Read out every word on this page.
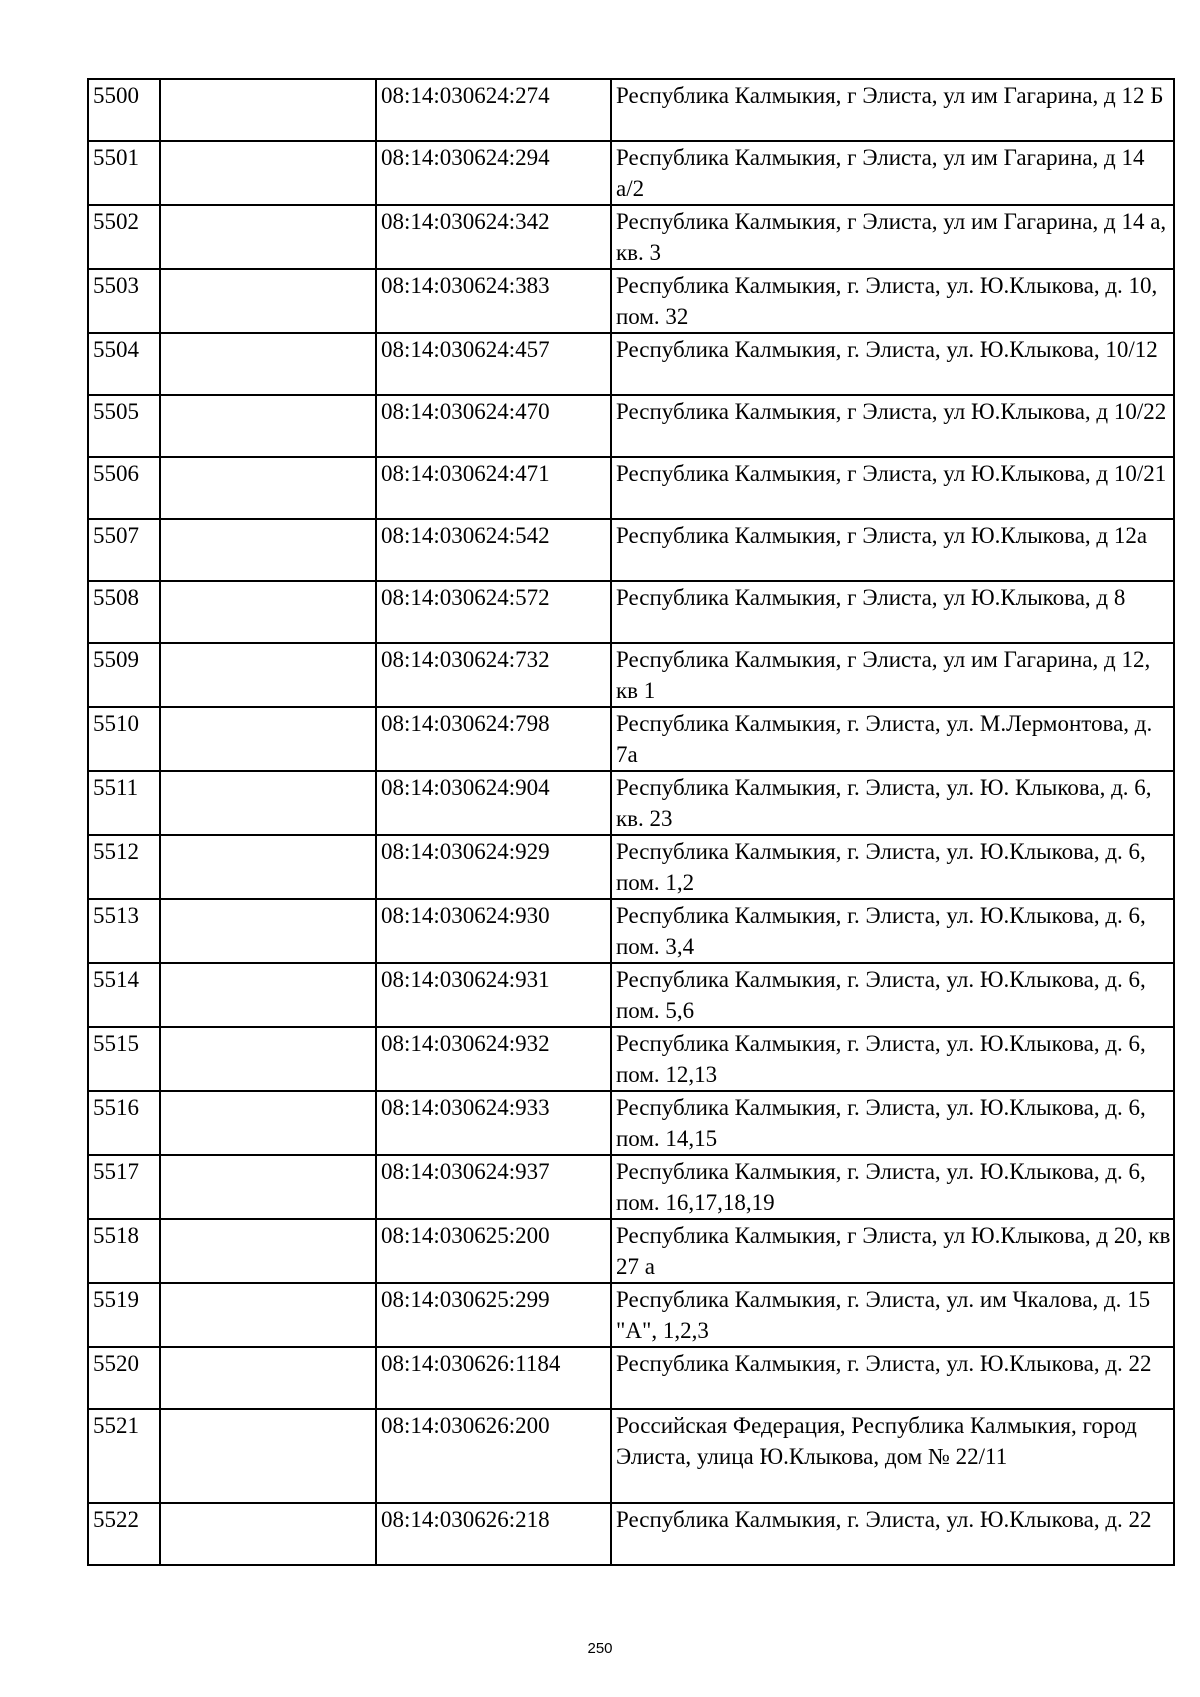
5500		08:14:030624:274	Республика Калмыкия, г Элиста, ул им Гагарина, д 12 Б
5501		08:14:030624:294	Республика Калмыкия, г Элиста, ул им Гагарина, д 14 а/2
5502		08:14:030624:342	Республика Калмыкия, г Элиста, ул им Гагарина, д 14 а, кв. 3
5503		08:14:030624:383	Республика Калмыкия, г. Элиста, ул. Ю.Клыкова, д. 10, пом. 32
5504		08:14:030624:457	Республика Калмыкия, г. Элиста, ул. Ю.Клыкова, 10/12
5505		08:14:030624:470	Республика Калмыкия, г Элиста, ул Ю.Клыкова, д 10/22
5506		08:14:030624:471	Республика Калмыкия, г Элиста, ул Ю.Клыкова, д 10/21
5507		08:14:030624:542	Республика Калмыкия, г Элиста, ул Ю.Клыкова, д 12а
5508		08:14:030624:572	Республика Калмыкия, г Элиста, ул Ю.Клыкова, д 8
5509		08:14:030624:732	Республика Калмыкия, г Элиста, ул им Гагарина, д 12, кв 1
5510		08:14:030624:798	Республика Калмыкия, г. Элиста, ул. М.Лермонтова, д. 7а
5511		08:14:030624:904	Республика Калмыкия, г. Элиста, ул. Ю. Клыкова, д. 6, кв. 23
5512		08:14:030624:929	Республика Калмыкия, г. Элиста, ул. Ю.Клыкова, д. 6, пом. 1,2
5513		08:14:030624:930	Республика Калмыкия, г. Элиста, ул. Ю.Клыкова, д. 6, пом. 3,4
5514		08:14:030624:931	Республика Калмыкия, г. Элиста, ул. Ю.Клыкова, д. 6, пом. 5,6
5515		08:14:030624:932	Республика Калмыкия, г. Элиста, ул. Ю.Клыкова, д. 6, пом. 12,13
5516		08:14:030624:933	Республика Калмыкия, г. Элиста, ул. Ю.Клыкова, д. 6, пом. 14,15
5517		08:14:030624:937	Республика Калмыкия, г. Элиста, ул. Ю.Клыкова, д. 6, пом. 16,17,18,19
5518		08:14:030625:200	Республика Калмыкия, г Элиста, ул Ю.Клыкова, д 20, кв 27 а
5519		08:14:030625:299	Республика Калмыкия, г. Элиста, ул. им Чкалова, д. 15 "А", 1,2,3
5520		08:14:030626:1184	Республика Калмыкия, г. Элиста, ул. Ю.Клыкова, д. 22
5521		08:14:030626:200	Российская Федерация, Республика Калмыкия, город Элиста, улица Ю.Клыкова, дом № 22/11
5522		08:14:030626:218	Республика Калмыкия, г. Элиста, ул. Ю.Клыкова, д. 22
250
